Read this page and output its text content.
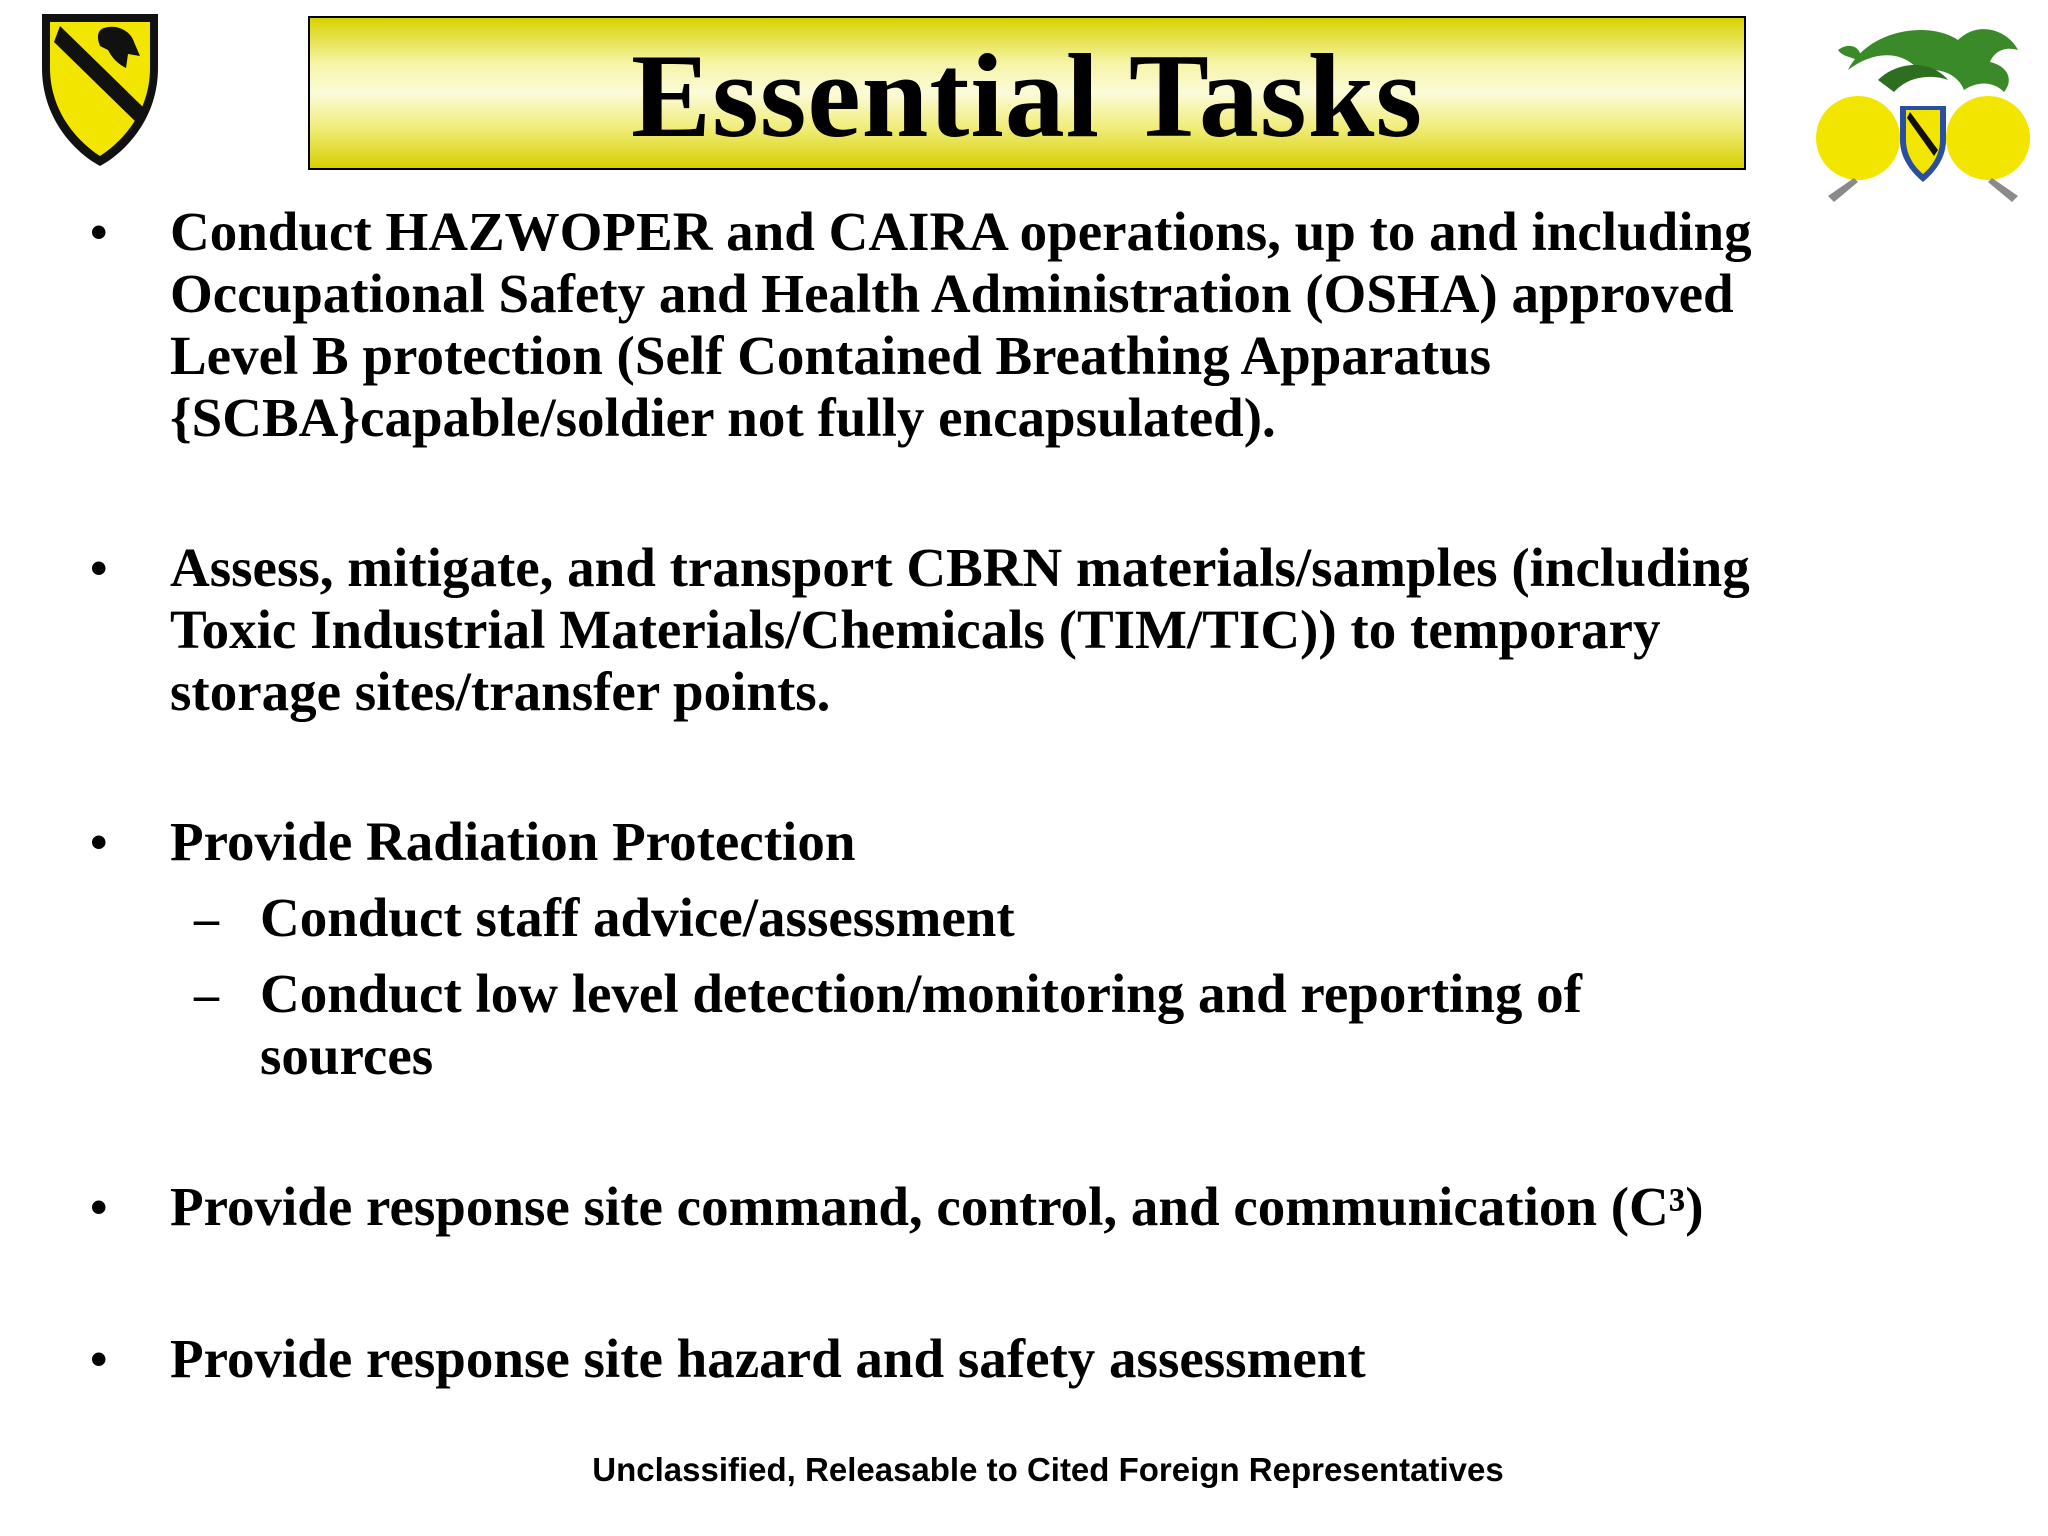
Essential Tasks
• Conduct HAZWOPER and CAIRA operations, up to and including Occupational Safety and Health Administration (OSHA) approved Level B protection (Self Contained Breathing Apparatus {SCBA}capable/soldier not fully encapsulated).
• Assess, mitigate, and transport CBRN materials/samples (including Toxic Industrial Materials/Chemicals (TIM/TIC)) to temporary storage sites/transfer points.
• Provide Radiation Protection
– Conduct staff advice/assessment
– Conduct low level detection/monitoring and reporting of sources
• Provide response site command, control, and communication (C³)
• Provide response site hazard and safety assessment
Unclassified, Releasable to Cited Foreign Representatives
